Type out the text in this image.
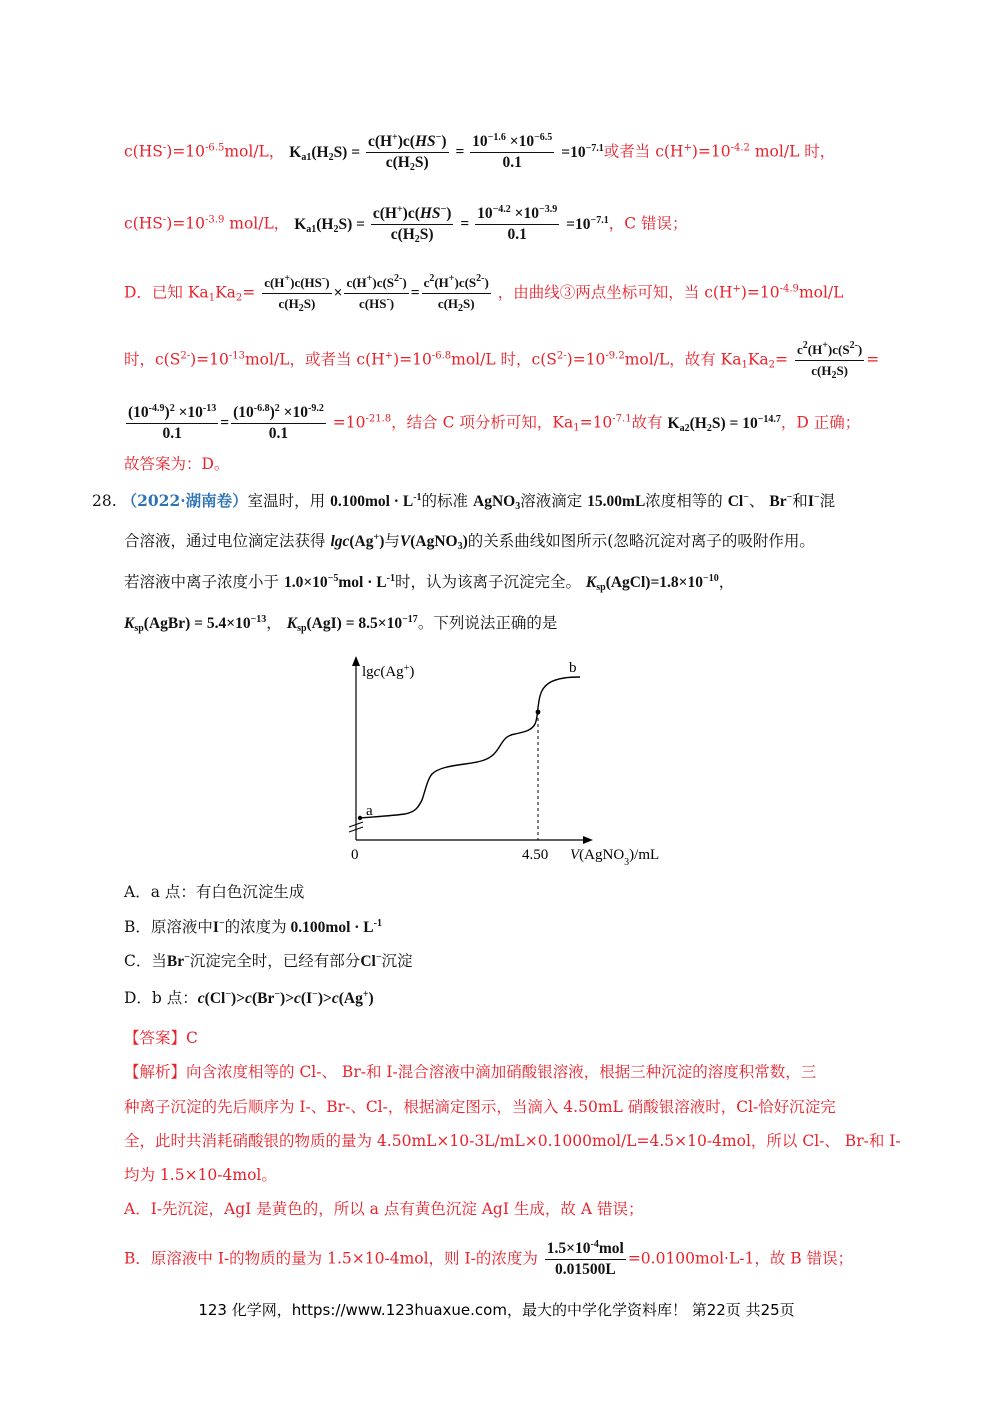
$c(HS^-)=10^{-6.5}mol/L$， $K_{a1}(H_2S) = \frac{c(H^+)c(HS^-)}{c(H_2S)} = \frac{10^{-1.6} \times 10^{-6.5}}{0.1} =10^{-7.1}$或者当 $c(H^+)=10^{-4.2}$ mol/L 时，
$c(HS^-)=10^{-3.9}$ mol/L， $K_{a1}(H_2S) = \frac{c(H^+)c(HS^-)}{c(H_2S)} = \frac{10^{-4.2} \times 10^{-3.9}}{0.1} =10^{-7.1}$，C 错误；
D．已知 $Ka_1Ka_2= \frac{c(H^+)c(HS^-)}{c(H_2S)} \times \frac{c(H^+)c(S^{2-})}{c(HS^-)} = \frac{c^2(H^+)c(S^{2-})}{c(H_2S)}$ ，由曲线③两点坐标可知，当 $c(H^+)=10^{-4.9}mol/L$
时，$c(S^{2-})=10^{-13}mol/L$，或者当 $c(H^+)=10^{-6.8}mol/L$ 时，$c(S^{2-})=10^{-9.2}mol/L$，故有 $Ka_1Ka_2= \frac{c^2(H^+)c(S^{2-})}{c(H_2S)}$ =
$\frac{(10^{-4.9})^2 \times 10^{-13}}{0.1} = \frac{(10^{-6.8})^2 \times 10^{-9.2}}{0.1} =10^{-21.8}$，结合 C 项分析可知，$Ka_1=10^{-7.1}$故有 $K_{a2}(H_2S) = 10^{-14.7}$，D 正确；
故答案为：D。
28. （2022·湖南卷）室温时，用 $0.100mol \cdot L^{-1}$的标准 AgNO$_3$溶液滴定 15.00mL浓度相等的 Cl−、 Br−和I−混
合溶液，通过电位滴定法获得 lgc(Ag+)与V(AgNO$_3$)的关系曲线如图所示(忽略沉淀对离子的吸附作用。
若溶液中离子浓度小于 $1.0\times 10^{-5}mol \cdot L^{-1}$时，认为该离子沉淀完全。 $K_{sp}(AgCl)=1.8\times 10^{-10}$，
$K_{sp}(AgBr) = 5.4\times 10^{-13}$， $K_{sp}(AgI) = 8.5\times 10^{-17}$。下列说法正确的是
lgc(Ag+)
0	4.50 V(AgNO$_3$)/mL
a
b
A．a 点：有白色沉淀生成
B．原溶液中I−的浓度为 $0.100mol \cdot L^{-1}$
C．当Br−沉淀完全时，已经有部分Cl−沉淀
D．b 点：c(Cl−)>c(Br−)>c(I−)>c(Ag+)
【答案】C
【解析】向含浓度相等的 Cl-、 Br-和 I-混合溶液中滴加硝酸银溶液，根据三种沉淀的溶度积常数，三
种离子沉淀的先后顺序为 I-、Br-、Cl-，根据滴定图示，当滴入 4.50mL 硝酸银溶液时，Cl-恰好沉淀完
全，此时共消耗硝酸银的物质的量为 4.50mL×10-3L/mL×0.1000mol/L=4.5×10-4mol，所以 Cl-、 Br-和 I-
均为 1.5×10-4mol。
A．I-先沉淀，AgI 是黄色的，所以 a 点有黄色沉淀 AgI 生成，故 A 错误；
B．原溶液中 I-的物质的量为 1.5×10-4mol，则 I-的浓度为 $\frac{1.5\times 10^{-4}mol}{0.01500L} =0.0100mol\cdot L-1$，故 B 错误；
123 化学网，https://www.123huaxue.com，最大的中学化学资料库！ 第22页 共25页
